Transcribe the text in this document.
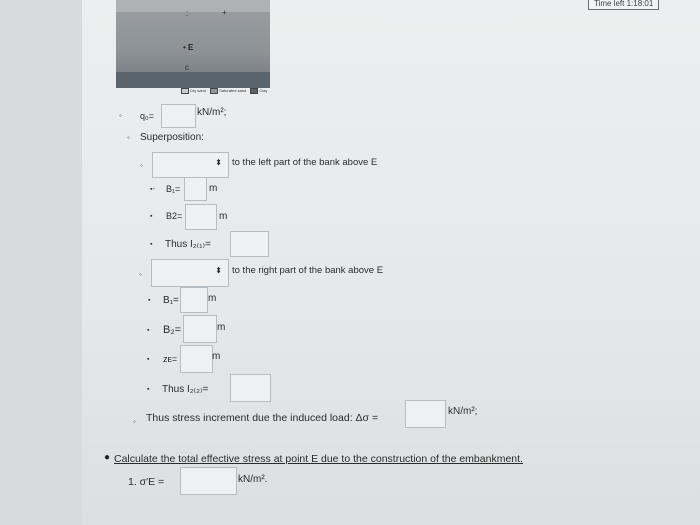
Time left 1:18:01
:	+
• E
c
Dry sand	Saturated sand	Clay
◦ q₀=	kN/m²;
◦ Superposition:
◦	⬍ to the left part of the bank above E
▪- B₁=	m
▪ B2=	m
▪ Thus I₂₍₁₎=
◦	⬍ to the right part of the bank above E
▪ B₁=	m
▪ B₂=	m
▪ zᴇ=	m
▪ Thus I₂₍₂₎=
◦ Thus stress increment due the induced load: Δσ =
kN/m²;
● Calculate the total effective stress at point E due to the construction of the embankment.
1. σ′E =	kN/m².
